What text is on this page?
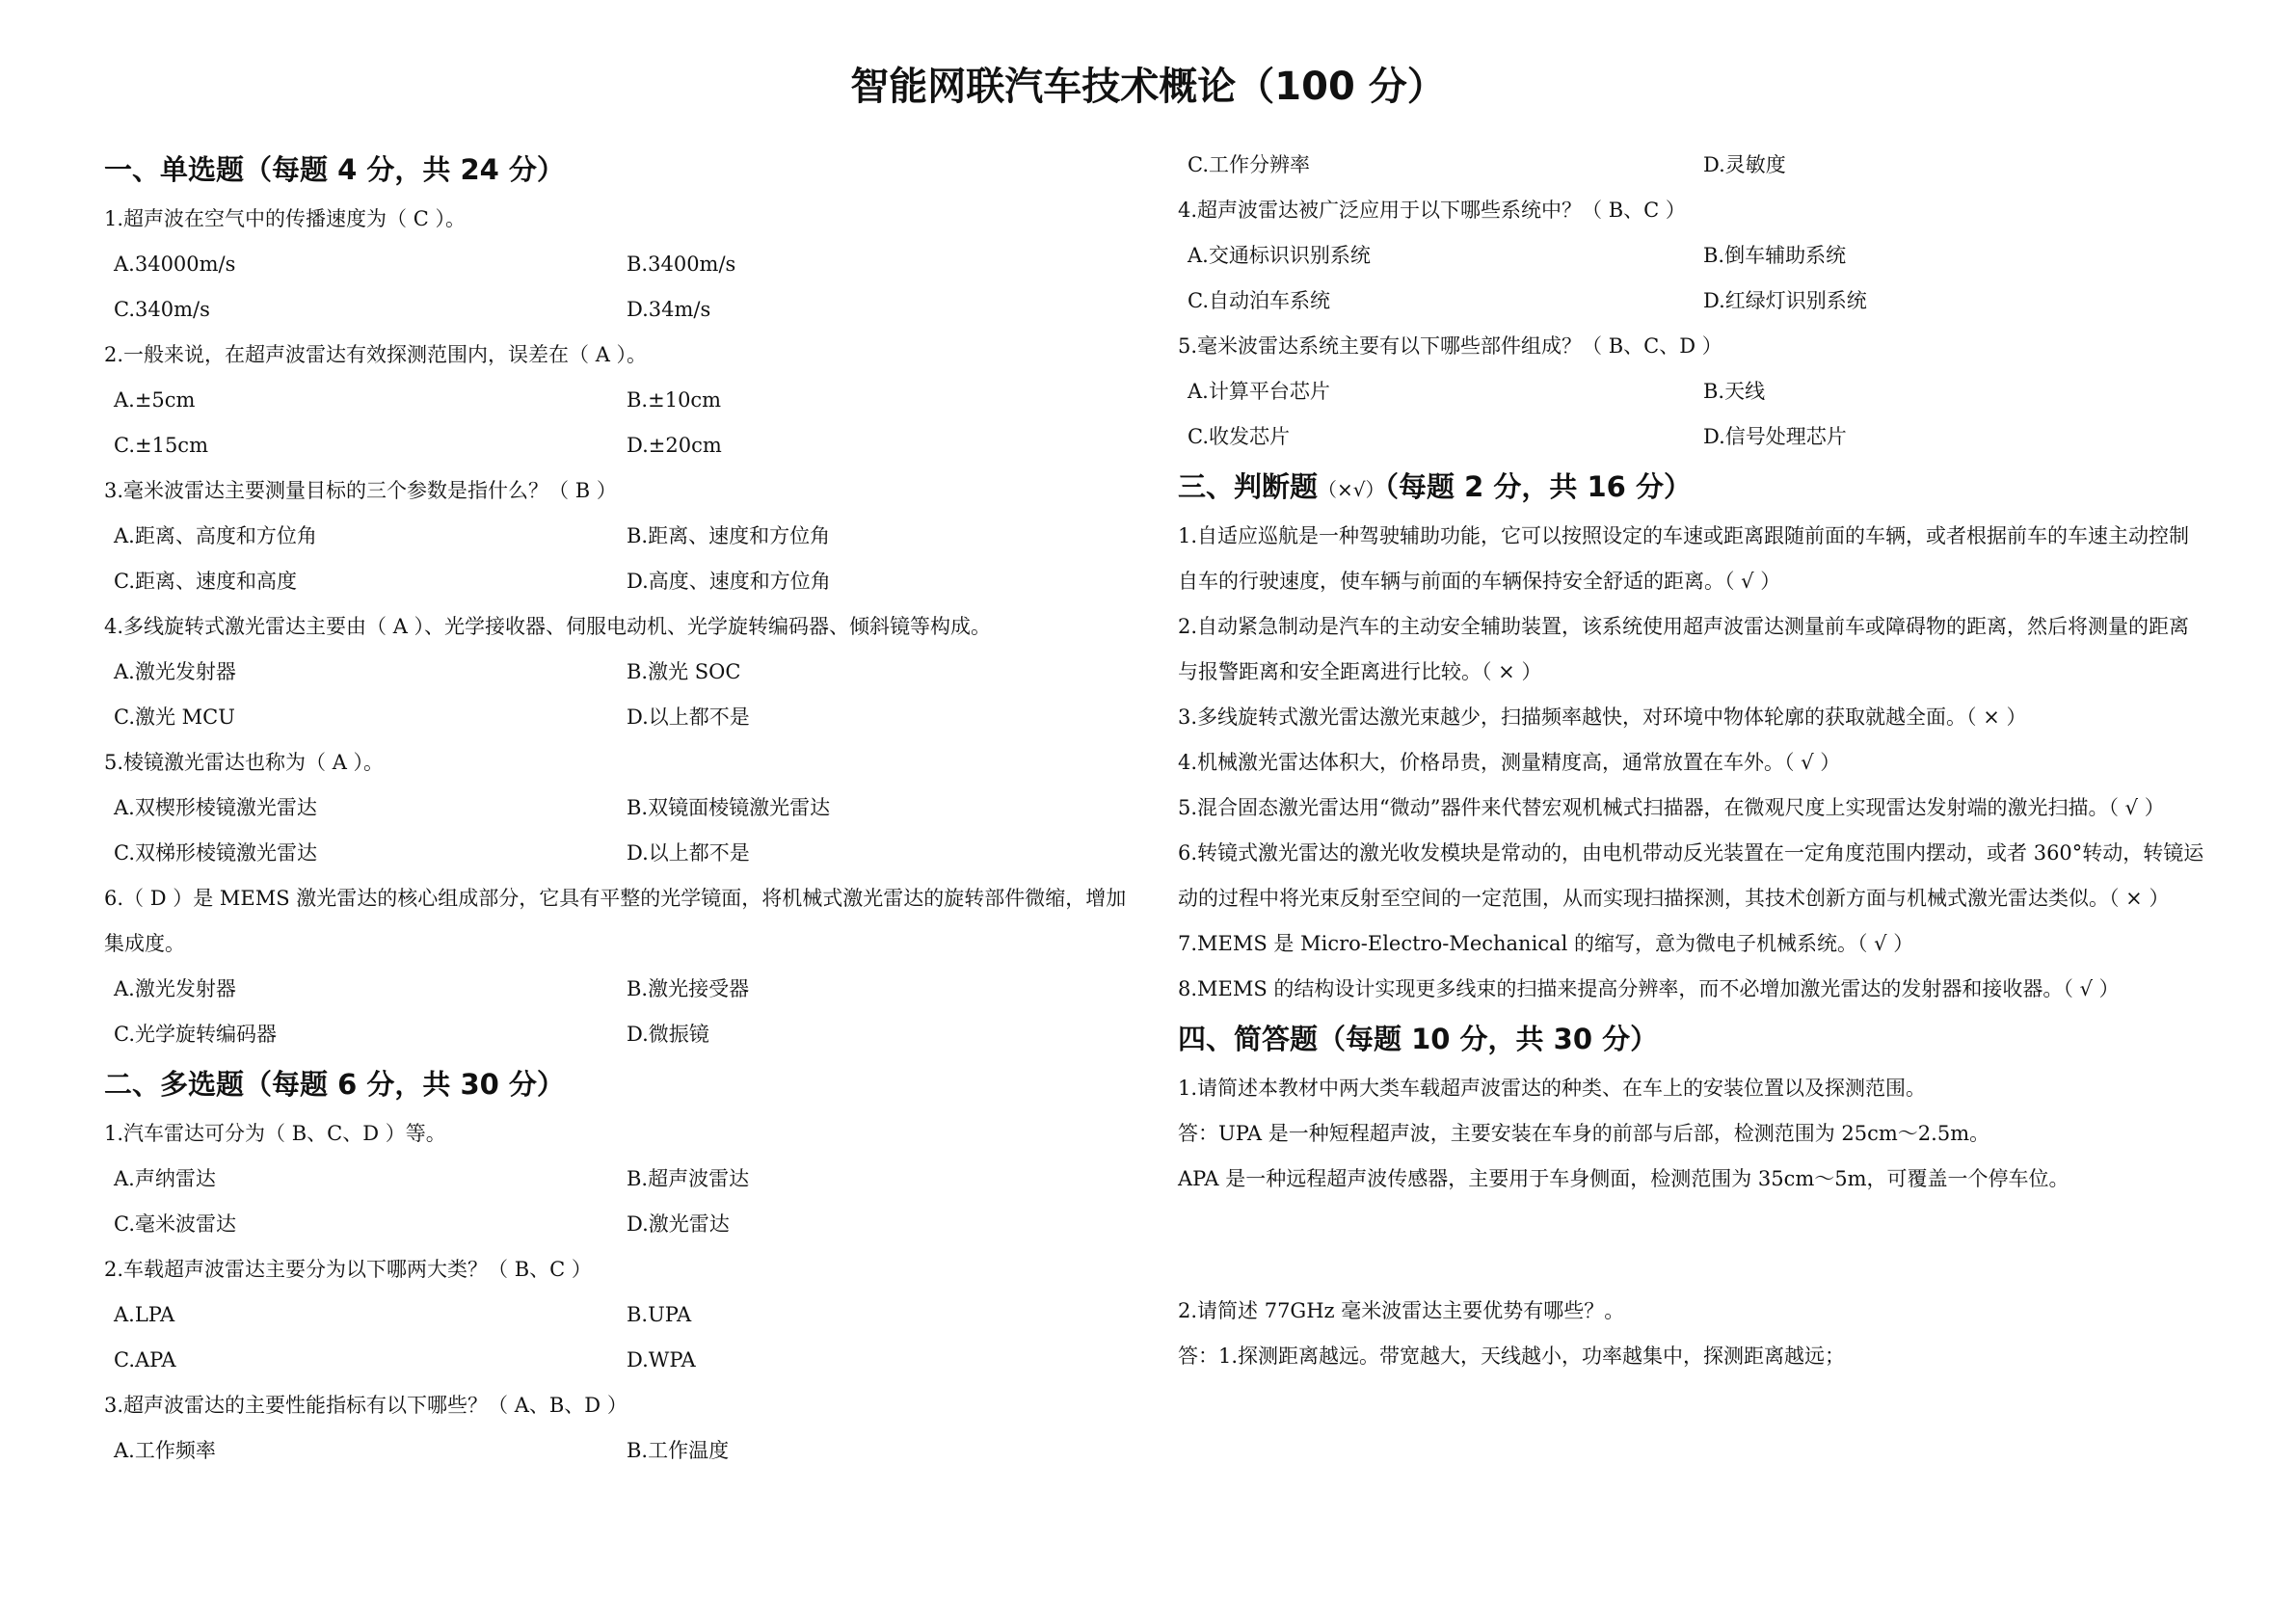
智能网联汽车技术概论（100 分）
一、单选题（每题 4 分，共 24 分）
1.超声波在空气中的传播速度为（ C ）。
A.34000m/s	B.3400m/s
C.340m/s	D.34m/s
2.一般来说，在超声波雷达有效探测范围内，误差在（ A ）。
A.±5cm	B.±10cm
C.±15cm	D.±20cm
3.毫米波雷达主要测量目标的三个参数是指什么？（ B ）
A.距离、高度和方位角	B.距离、速度和方位角
C.距离、速度和高度	D.高度、速度和方位角
4.多线旋转式激光雷达主要由（ A ）、光学接收器、伺服电动机、光学旋转编码器、倾斜镜等构成。
A.激光发射器	B.激光 SOC
C.激光 MCU	D.以上都不是
5.棱镜激光雷达也称为（ A ）。
A.双楔形棱镜激光雷达	B.双镜面棱镜激光雷达
C.双梯形棱镜激光雷达	D.以上都不是
6.（ D ）是 MEMS 激光雷达的核心组成部分，它具有平整的光学镜面，将机械式激光雷达的旋转部件微缩，增加集成度。
A.激光发射器	B.激光接受器
C.光学旋转编码器	D.微振镜
二、多选题（每题 6 分，共 30 分）
1.汽车雷达可分为（ B、C、D ）等。
A.声纳雷达	B.超声波雷达
C.毫米波雷达	D.激光雷达
2.车载超声波雷达主要分为以下哪两大类？（ B、C ）
A.LPA	B.UPA
C.APA	D.WPA
3.超声波雷达的主要性能指标有以下哪些？（ A、B、D ）
A.工作频率	B.工作温度
C.工作分辨率	D.灵敏度
4.超声波雷达被广泛应用于以下哪些系统中？（ B、C ）
A.交通标识识别系统	B.倒车辅助系统
C.自动泊车系统	D.红绿灯识别系统
5.毫米波雷达系统主要有以下哪些部件组成？（ B、C、D ）
A.计算平台芯片	B.天线
C.收发芯片	D.信号处理芯片
三、判断题（×√）（每题 2 分，共 16 分）
1.自适应巡航是一种驾驶辅助功能，它可以按照设定的车速或距离跟随前面的车辆，或者根据前车的车速主动控制自车的行驶速度，使车辆与前面的车辆保持安全舒适的距离。（ √ ）
2.自动紧急制动是汽车的主动安全辅助装置，该系统使用超声波雷达测量前车或障碍物的距离，然后将测量的距离与报警距离和安全距离进行比较。（ × ）
3.多线旋转式激光雷达激光束越少，扫描频率越快，对环境中物体轮廓的获取就越全面。（ × ）
4.机械激光雷达体积大，价格昂贵，测量精度高，通常放置在车外。（ √ ）
5.混合固态激光雷达用“微动”器件来代替宏观机械式扫描器，在微观尺度上实现雷达发射端的激光扫描。（ √ ）
6.转镜式激光雷达的激光收发模块是常动的，由电机带动反光装置在一定角度范围内摆动，或者 360°转动，转镜运动的过程中将光束反射至空间的一定范围，从而实现扫描探测，其技术创新方面与机械式激光雷达类似。（ × ）
7.MEMS 是 Micro-Electro-Mechanical 的缩写，意为微电子机械系统。（ √ ）
8.MEMS 的结构设计实现更多线束的扫描来提高分辨率，而不必增加激光雷达的发射器和接收器。（ √ ）
四、简答题（每题 10 分，共 30 分）
1.请简述本教材中两大类车载超声波雷达的种类、在车上的安装位置以及探测范围。
答：UPA 是一种短程超声波，主要安装在车身的前部与后部，检测范围为 25cm～2.5m。
APA 是一种远程超声波传感器，主要用于车身侧面，检测范围为 35cm～5m，可覆盖一个停车位。
2.请简述 77GHz 毫米波雷达主要优势有哪些？。
答：1.探测距离越远。带宽越大，天线越小，功率越集中，探测距离越远；
